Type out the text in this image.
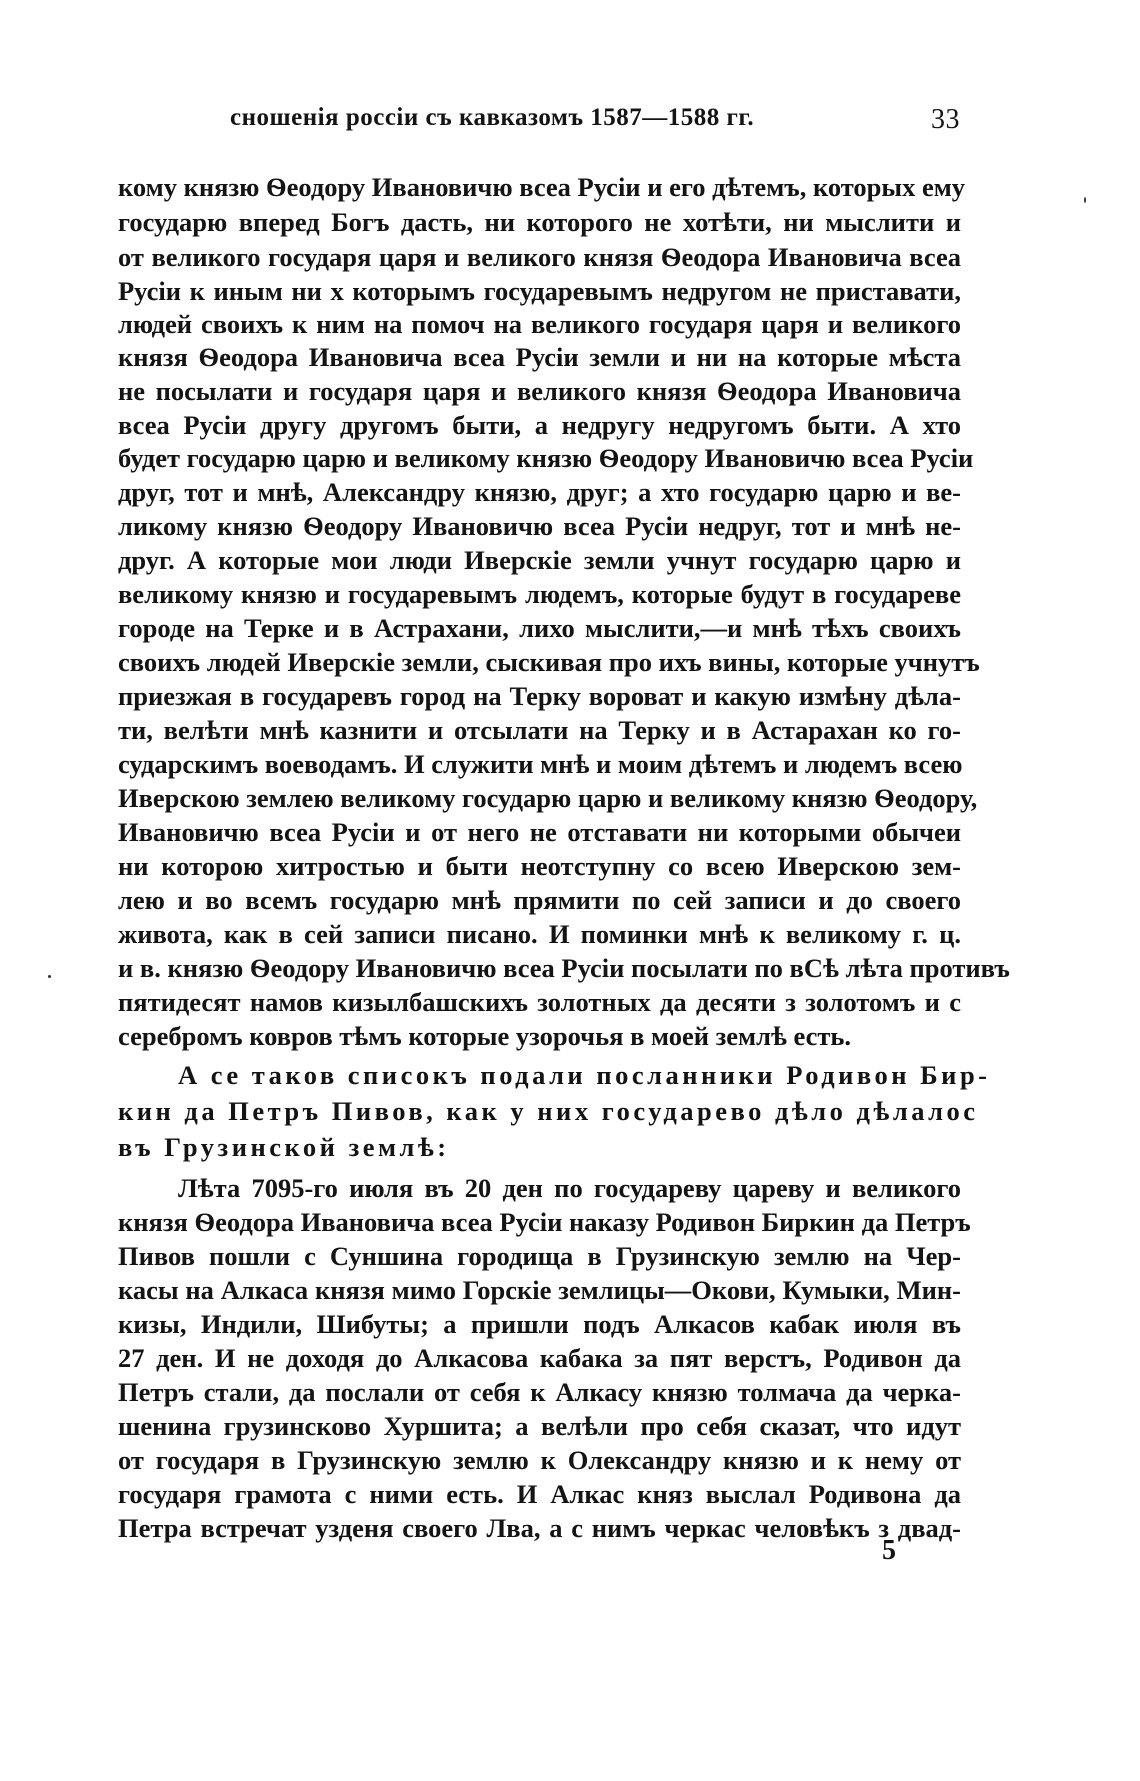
сношенія россіи съ кавказомъ 1587—1588 гг.	33
кому князю Ѳеодору Ивановичю всеа Русіи и его дѣтемъ, которых ему
государю вперед Богъ дасть, ни которого не хотѣти, ни мыслити и
от великого государя царя и великого князя Ѳеодора Ивановича всеа
Русіи к иным ни х которымъ государевымъ недругом не приставати,
людей своихъ к ним на помоч на великого государя царя и великого
князя Ѳеодора Ивановича всеа Русіи земли и ни на которые мѣста
не посылати и государя царя и великого князя Ѳеодора Ивановича
всеа Русіи другу другомъ быти, а недругу недругомъ быти. А хто
будет государю царю и великому князю Ѳеодору Ивановичю всеа Русіи
друг, тот и мнѣ, Александру князю, друг; а хто государю царю и ве-
ликому князю Ѳеодору Ивановичю всеа Русіи недруг, тот и мнѣ не-
друг. А которые мои люди Иверскіе земли учнут государю царю и
великому князю и государевымъ людемъ, которые будут в государеве
городе на Терке и в Астрахани, лихо мыслити,—и мнѣ тѣхъ своихъ
своихъ людей Иверскіе земли, сыскивая про ихъ вины, которые учнутъ
приезжая в государевъ город на Терку вороват и какую измѣну дѣла-
ти, велѣти мнѣ казнити и отсылати на Терку и в Астарахан ко го-
сударскимъ воеводамъ. И служити мнѣ и моим дѣтемъ и людемъ всею
Иверскою землею великому государю царю и великому князю Ѳеодору,
Ивановичю всеа Русіи и от него не отставати ни которыми обычеи
ни которою хитростью и быти неотступну со всею Иверскою зем-
лею и во всемъ государю мнѣ прямити по сей записи и до своего
живота, как в сей записи писано. И поминки мнѣ к великому г. ц.
и в. князю Ѳеодору Ивановичю всеа Русіи посылати по вСѣ лѣта противъ
пятидесят намов кизылбашскихъ золотных да десяти з золотомъ и с
серебромъ ковров тѣмъ которые узорочья в моей землѣ есть.
А се таков списокъ подали посланники Родивон Бир-
кин да Петръ Пивов, как у них государево дѣло дѣлалос
въ Грузинской землѣ:
Лѣта 7095-го июля въ 20 ден по государеву цареву и великого
князя Ѳеодора Ивановича всеа Русіи наказу Родивон Биркин да Петръ
Пивов пошли с Суншина городища в Грузинскую землю на Чер-
касы на Алкаса князя мимо Горскіе землицы—Окови, Кумыки, Мин-
кизы, Индили, Шибуты; а пришли подъ Алкасов кабак июля въ
27 ден. И не доходя до Алкасова кабака за пят верстъ, Родивон да
Петръ стали, да послали от себя к Алкасу князю толмача да черка-
шенина грузинсково Хуршита; а велѣли про себя сказат, что идут
от государя в Грузинскую землю к Олександру князю и к нему от
государя грамота с ними есть. И Алкас княз выслал Родивона да
Петра встречат узденя своего Лва, а с нимъ черкас человѣкъ з двад-
5
